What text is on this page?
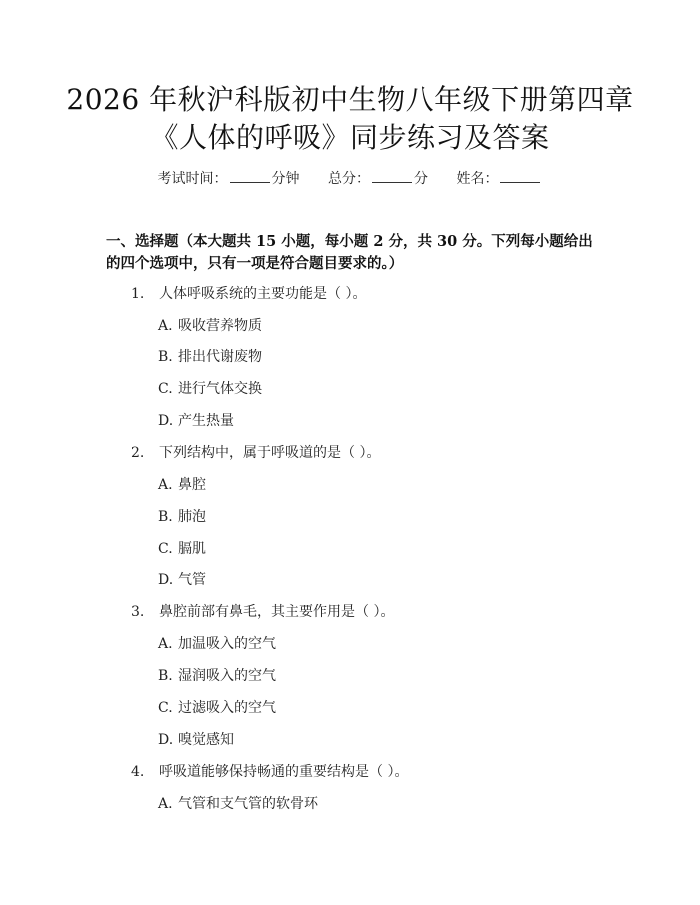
2026 年秋沪科版初中生物八年级下册第四章
《人体的呼吸》同步练习及答案
考试时间：	分钟 总分：	分 姓名：
一、选择题（本大题共 15 小题，每小题 2 分，共 30 分。下列每小题给出的四个选项中，只有一项是符合题目要求的。）
1. 人体呼吸系统的主要功能是（ ）。
A. 吸收营养物质
B. 排出代谢废物
C. 进行气体交换
D. 产生热量
2. 下列结构中，属于呼吸道的是（ ）。
A. 鼻腔
B. 肺泡
C. 膈肌
D. 气管
3. 鼻腔前部有鼻毛，其主要作用是（ ）。
A. 加温吸入的空气
B. 湿润吸入的空气
C. 过滤吸入的空气
D. 嗅觉感知
4. 呼吸道能够保持畅通的重要结构是（ ）。
A. 气管和支气管的软骨环
